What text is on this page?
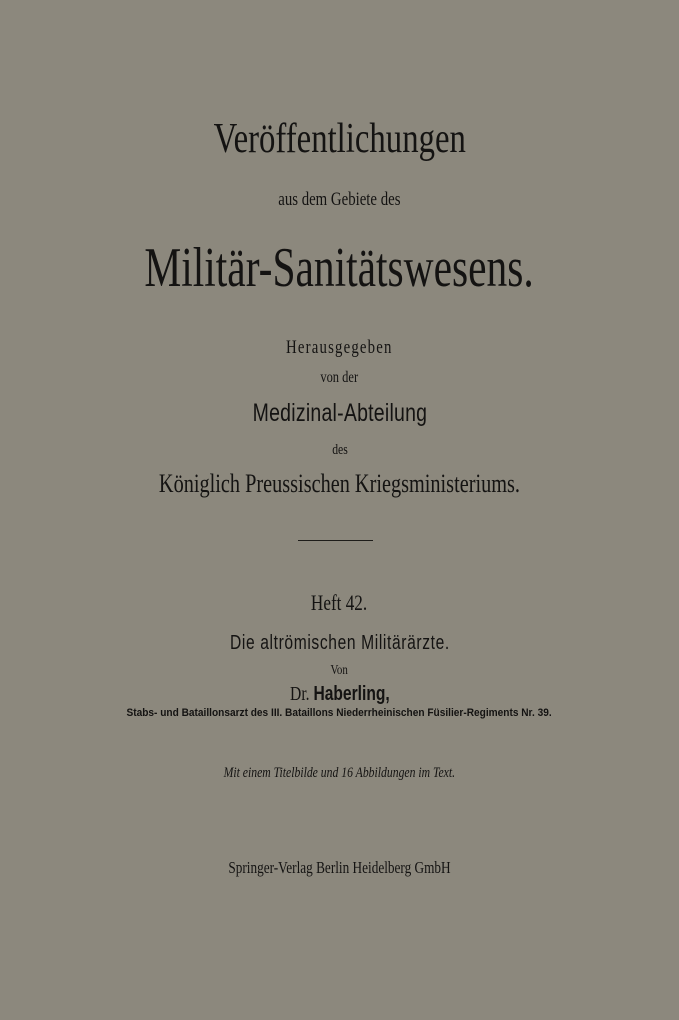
Veröffentlichungen
aus dem Gebiete des
Militär-Sanitätswesens.
Herausgegeben
von der
Medizinal-Abteilung
des
Königlich Preussischen Kriegsministeriums.
Heft 42.
Die altrömischen Militärärzte.
Von
Dr. Haberling,
Stabs- und Bataillonsarzt des III. Bataillons Niederrheinischen Füsilier-Regiments Nr. 39.
Mit einem Titelbilde und 16 Abbildungen im Text.
Springer-Verlag Berlin Heidelberg GmbH
